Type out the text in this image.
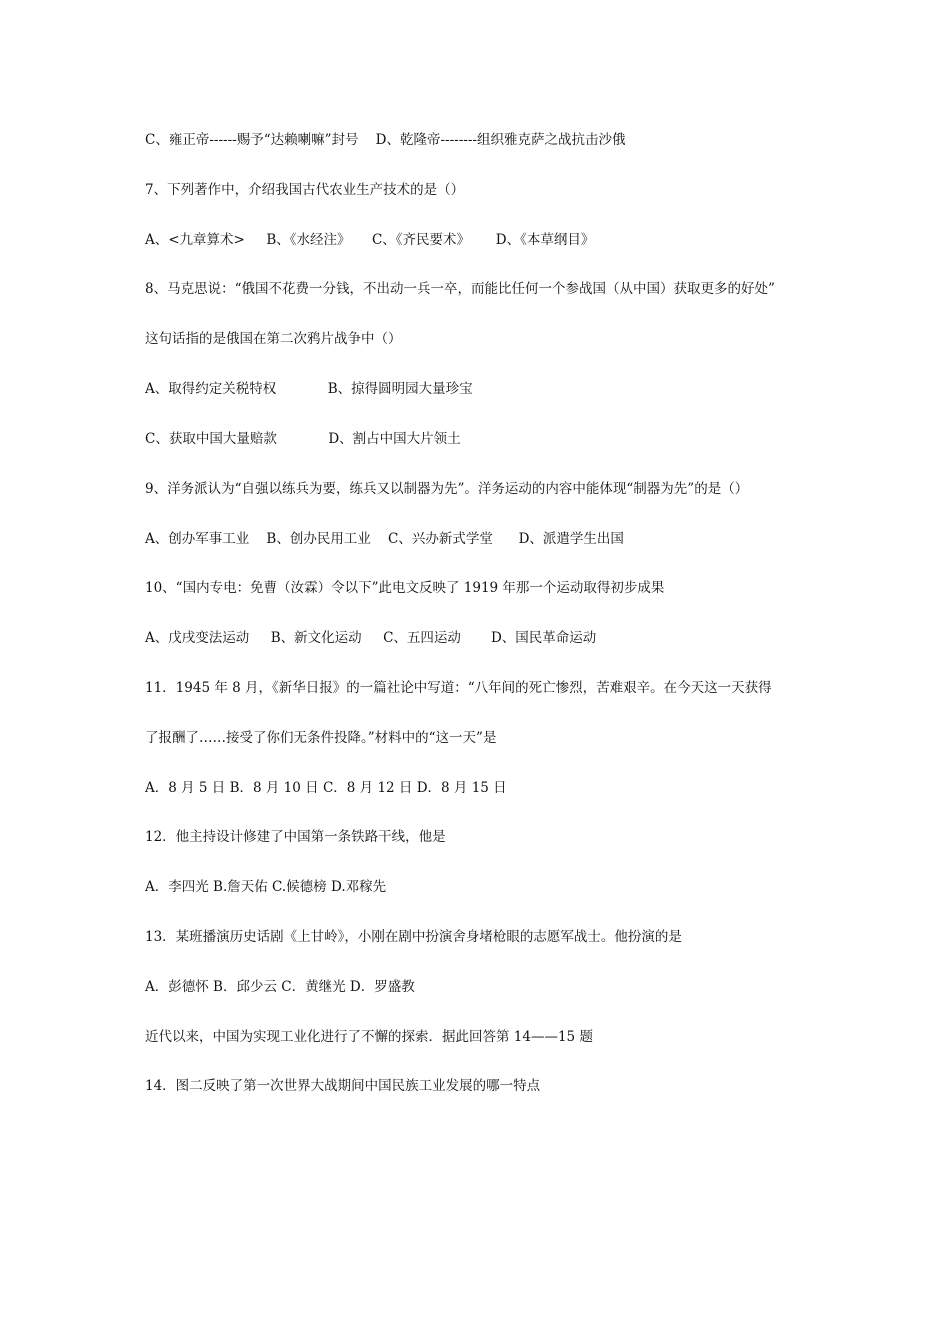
C、雍正帝------赐予“达赖喇嘛”封号    D、乾隆帝--------组织雅克萨之战抗击沙俄
7、下列著作中，介绍我国古代农业生产技术的是（）
A、<九章算术>     B、《水经注》     C、《齐民要术》      D、《本草纲目》
8、马克思说：“俄国不花费一分钱，不出动一兵一卒，而能比任何一个参战国（从中国）获取更多的好处”
这句话指的是俄国在第二次鸦片战争中（）
A、取得约定关税特权            B、掠得圆明园大量珍宝
C、获取中国大量赔款            D、割占中国大片领土
9、洋务派认为“自强以练兵为要，练兵又以制器为先”。洋务运动的内容中能体现“制器为先”的是（）
A、创办军事工业    B、创办民用工业    C、兴办新式学堂      D、派遣学生出国
10、“国内专电：免曹（汝霖）令以下”此电文反映了 1919 年那一个运动取得初步成果
A、戊戌变法运动     B、新文化运动     C、五四运动       D、国民革命运动
11．1945 年 8 月，《新华日报》的一篇社论中写道：“八年间的死亡惨烈，苦难艰辛。在今天这一天获得
了报酬了……接受了你们无条件投降。”材料中的“这一天”是
A．8 月 5 日 B．8 月 10 日 C．8 月 12 日 D．8 月 15 日
12．他主持设计修建了中国第一条铁路干线，他是
A．李四光 B.詹天佑 C.候德榜 D.邓稼先
13．某班播演历史话剧《上甘岭》，小刚在剧中扮演舍身堵枪眼的志愿军战士。他扮演的是
A．彭德怀 B．邱少云 C．黄继光 D．罗盛教
近代以来，中国为实现工业化进行了不懈的探索．据此回答第 14——15 题
14．图二反映了第一次世界大战期间中国民族工业发展的哪一特点
